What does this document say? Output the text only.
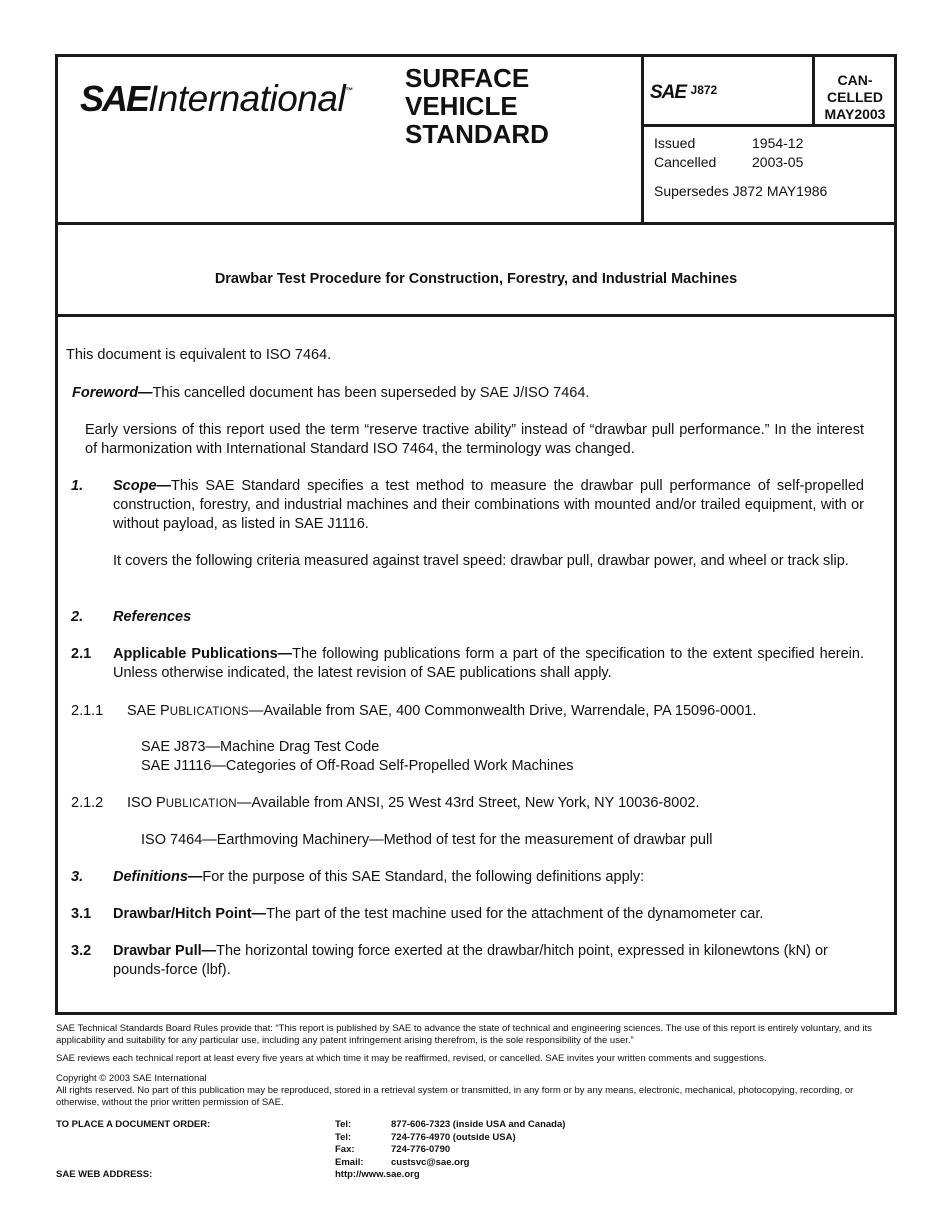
SAEInternational™ SURFACE
VEHICLE
STANDARD
SAE $^{J872}$
CAN-
CELLED
MAY2003
Issued	1954-12
Cancelled	2003-05
Supersedes J872 MAY1986
Drawbar Test Procedure for Construction, Forestry, and Industrial Machines
This document is equivalent to ISO 7464.
Foreword—This cancelled document has been superseded by SAE J/ISO 7464.
Early versions of this report used the term “reserve tractive ability” instead of “drawbar pull performance.” In the interest of harmonization with International Standard ISO 7464, the terminology was changed.
1. Scope—This SAE Standard specifies a test method to measure the drawbar pull performance of self-propelled construction, forestry, and industrial machines and their combinations with mounted and/or trailed equipment, with or without payload, as listed in SAE J1116.
It covers the following criteria measured against travel speed: drawbar pull, drawbar power, and wheel or track slip.
2. References
2.1 Applicable Publications—The following publications form a part of the specification to the extent specified herein. Unless otherwise indicated, the latest revision of SAE publications shall apply.
2.1.1 SAE PUBLICATIONS—Available from SAE, 400 Commonwealth Drive, Warrendale, PA 15096-0001.
SAE J873—Machine Drag Test Code
SAE J1116—Categories of Off-Road Self-Propelled Work Machines
2.1.2 ISO PUBLICATION—Available from ANSI, 25 West 43rd Street, New York, NY 10036-8002.
ISO 7464—Earthmoving Machinery—Method of test for the measurement of drawbar pull
3. Definitions—For the purpose of this SAE Standard, the following definitions apply:
3.1 Drawbar/Hitch Point—The part of the test machine used for the attachment of the dynamometer car.
3.2 Drawbar Pull—The horizontal towing force exerted at the drawbar/hitch point, expressed in kilonewtons (kN) or pounds-force (lbf).
SAE Technical Standards Board Rules provide that: “This report is published by SAE to advance the state of technical and engineering sciences. The use of this report is entirely voluntary, and its applicability and suitability for any particular use, including any patent infringement arising therefrom, is the sole responsibility of the user.”
SAE reviews each technical report at least every five years at which time it may be reaffirmed, revised, or cancelled. SAE invites your written comments and suggestions.
Copyright © 2003 SAE International
All rights reserved. No part of this publication may be reproduced, stored in a retrieval system or transmitted, in any form or by any means, electronic, mechanical, photocopying, recording, or otherwise, without the prior written permission of SAE.
TO PLACE A DOCUMENT ORDER:	Tel:	877-606-7323 (inside USA and Canada)
Tel:	724-776-4970 (outside USA)
Fax:	724-776-0790
Email:	custsvc@sae.org
SAE WEB ADDRESS:	http://www.sae.org
